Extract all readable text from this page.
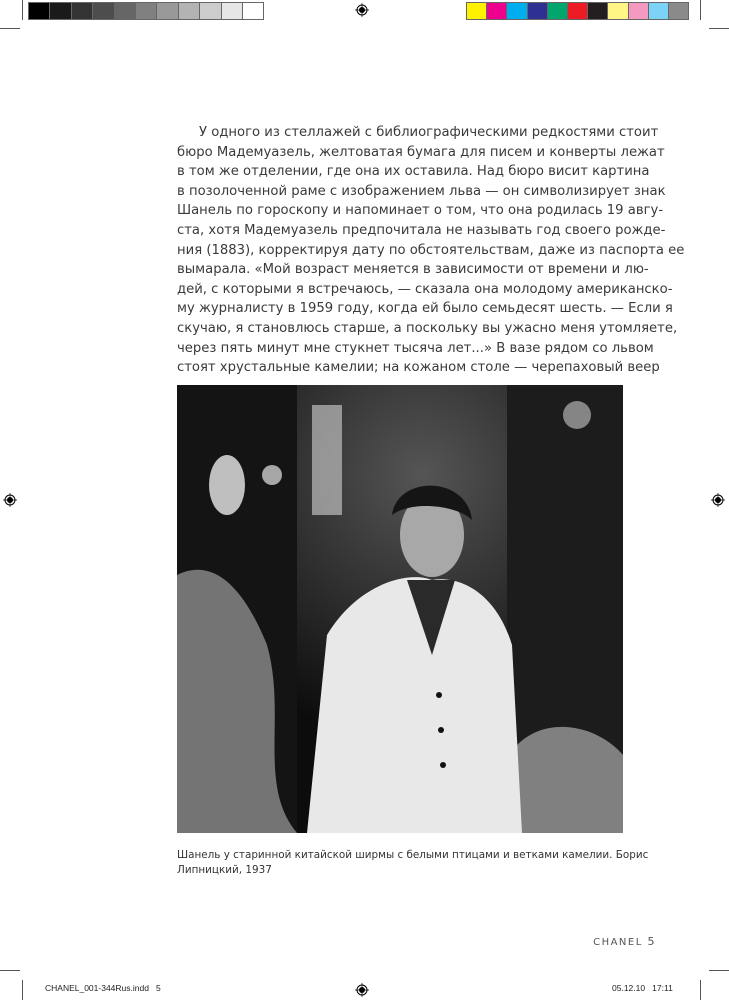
У одного из стеллажей с библиографическими редкостями стоит
бюро Мадемуазель, желтоватая бумага для писем и конверты лежат
в том же отделении, где она их оставила. Над бюро висит картина
в позолоченной раме с изображением льва — он символизирует знак
Шанель по гороскопу и напоминает о том, что она родилась 19 авгу-
ста, хотя Мадемуазель предпочитала не называть год своего рожде-
ния (1883), корректируя дату по обстоятельствам, даже из паспорта ее
вымарала. «Мой возраст меняется в зависимости от времени и лю-
дей, с которыми я встречаюсь, — сказала она молодому американско-
му журналисту в 1959 году, когда ей было семьдесят шесть. — Если я
скучаю, я становлюсь старше, а поскольку вы ужасно меня утомляете,
через пять минут мне стукнет тысяча лет...» В вазе рядом со львом
стоят хрустальные камелии; на кожаном столе — черепаховый веер
Шанель у старинной китайской ширмы с белыми птицами и ветками камелии. Борис
Липницкий, 1937
CHANEL 5
CHANEL_001-344Rus.indd   5	05.12.10   17:11
